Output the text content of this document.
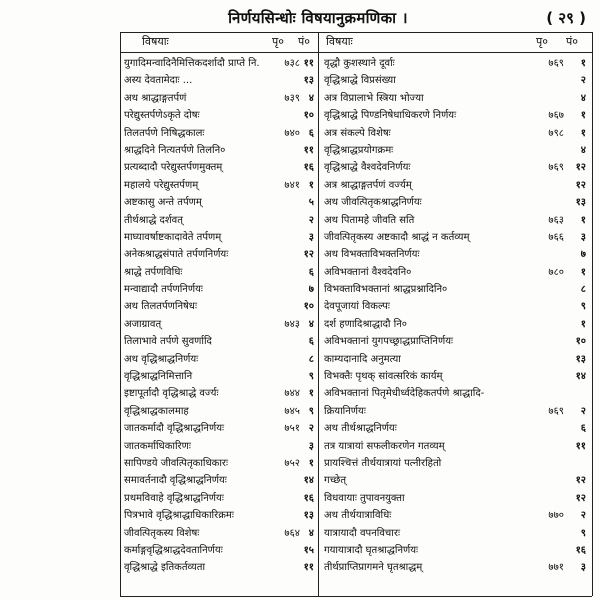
निर्णयसिन्धोः विषयानुक्रमणिका ।	( २९ )
विषयाः	पृ० पं० विषयाः	पृ० पं०
युगादिमन्वादिनैमित्तिकदर्शादौ प्राप्ते नि.	७३८ ११
अस्य देवतामेदाः ...	१३
अथ श्राद्धाङ्गतर्पणं	७३९ ४
परेद्युस्तर्पणेऽकृते दोषः	१०
तिलतर्पणे निषिद्धकालः	७४० ६
श्राद्धदिने नित्यतर्पणे तिलनि०	११
प्रत्यब्दादौ परेद्युस्तर्पणमुक्तम्	१६
महालये परेद्युस्तर्पणम्	७४१ १
अष्टकासु अन्ते तर्पणम्	५
तीर्थश्राद्धे दर्शवत्	२
माघ्यावर्षाष्टकादावेते तर्पणम्	३
अनेकश्राद्धसंपाते तर्पणनिर्णयः	१२
श्राद्धे तर्पणविधिः	६
मन्वाद्यादौ तर्पणनिर्णयः	७
अथ तिलतर्पणनिषेधः	१०
अजाग्रावत्	७४३ ४
तिलाभावे तर्पणे सुवर्णादि	६
अथ वृद्धिश्राद्धनिर्णयः	८
वृद्धिश्राद्धनिमित्तानि	९
इष्टापूर्तादौ वृद्धिश्राद्धे वर्ज्यः	७४४ १
वृद्धिश्राद्धकालमाह	७४५ ९
जातकर्मादौ वृद्धिश्राद्धनिर्णयः	७५१ २
जातकर्माधिकारिणः	३
सापिण्डये जीवत्पितृकाधिकारः	७५२ १
समावर्तनादौ वृद्धिश्राद्धनिर्णयः	१४
प्रथमविवाहे वृद्धिश्राद्धनिर्णयः	१६
पित्रभावे वृद्धिश्राद्धाधिकारिक्रमः	१३
जीवत्पितृकस्य विशेषः	७६४ ४
कर्माङ्गवृद्धिश्राद्धदेवतानिर्णयः	१५
वृद्धिश्राद्धे इतिकर्तव्यता	११
वृद्धौ कुशस्थाने दूर्वाः	७६९	१
वृद्धिश्राद्धे विप्रसंख्या	२
अत्र विप्रालाभे स्त्रिया भोज्या	४
वृद्धिश्राद्धे पिण्डनिषेधाधिकरणे निर्णयः	७६७	१
अत्र संकल्पे विशेषः	७९८	१
वृद्धिश्राद्धप्रयोगक्रमः	४
वृद्धिश्राद्धे वैश्वदेवनिर्णयः	७६९	१२
अत्र श्राद्धाङ्गतर्पणं वर्ज्यम्	१२
अथ जीवत्पितृकश्राद्धनिर्णयः	१३
अथ पितामहे जीवति सति	७६३	१
जीवत्पितृकस्य अष्टकादौ श्राद्धं न कर्तव्यम्	७६६	३
अथ विभक्ताविभक्तनिर्णयः	७
अविभक्तानां वैश्वदेवनि०	७८०	१
विभक्ताविभक्तानां श्राद्धप्रश्नादिनि०	८
देवपूजायां विकल्पः	९
दर्श हणादिश्राद्धादौ नि०	१
अविभक्तानां युगपच्छ्राद्धप्राप्तिनिर्णयः	१०
काम्यदानादि अनुमत्या	१३
विभक्तैः पृथक् सांवत्सरिकं कार्यम्	१४
अविभक्तानां पितृमेधीर्ध्वदेहिकतर्पणे श्राद्धादि-
क्रियानिर्णयः	७६९	२
अथ तीर्थश्राद्धनिर्णयः	६
तत्र यात्रायां सफलीकरणेन गतव्यम्	११
प्रायश्चित्तं तीर्थयात्रायां पत्नीरहितो
गच्छेत्	१२
विधवायाः तुपावनयुक्ता	१२
अथ तीर्थयात्राविधिः	७७०	२
यात्रायादौ वपनविचारः	९
गयायात्रादौ घृतश्राद्धनिर्णयः	१६
तीर्थप्राप्तिप्रागमने घृतश्राद्धम्	७७१	३
